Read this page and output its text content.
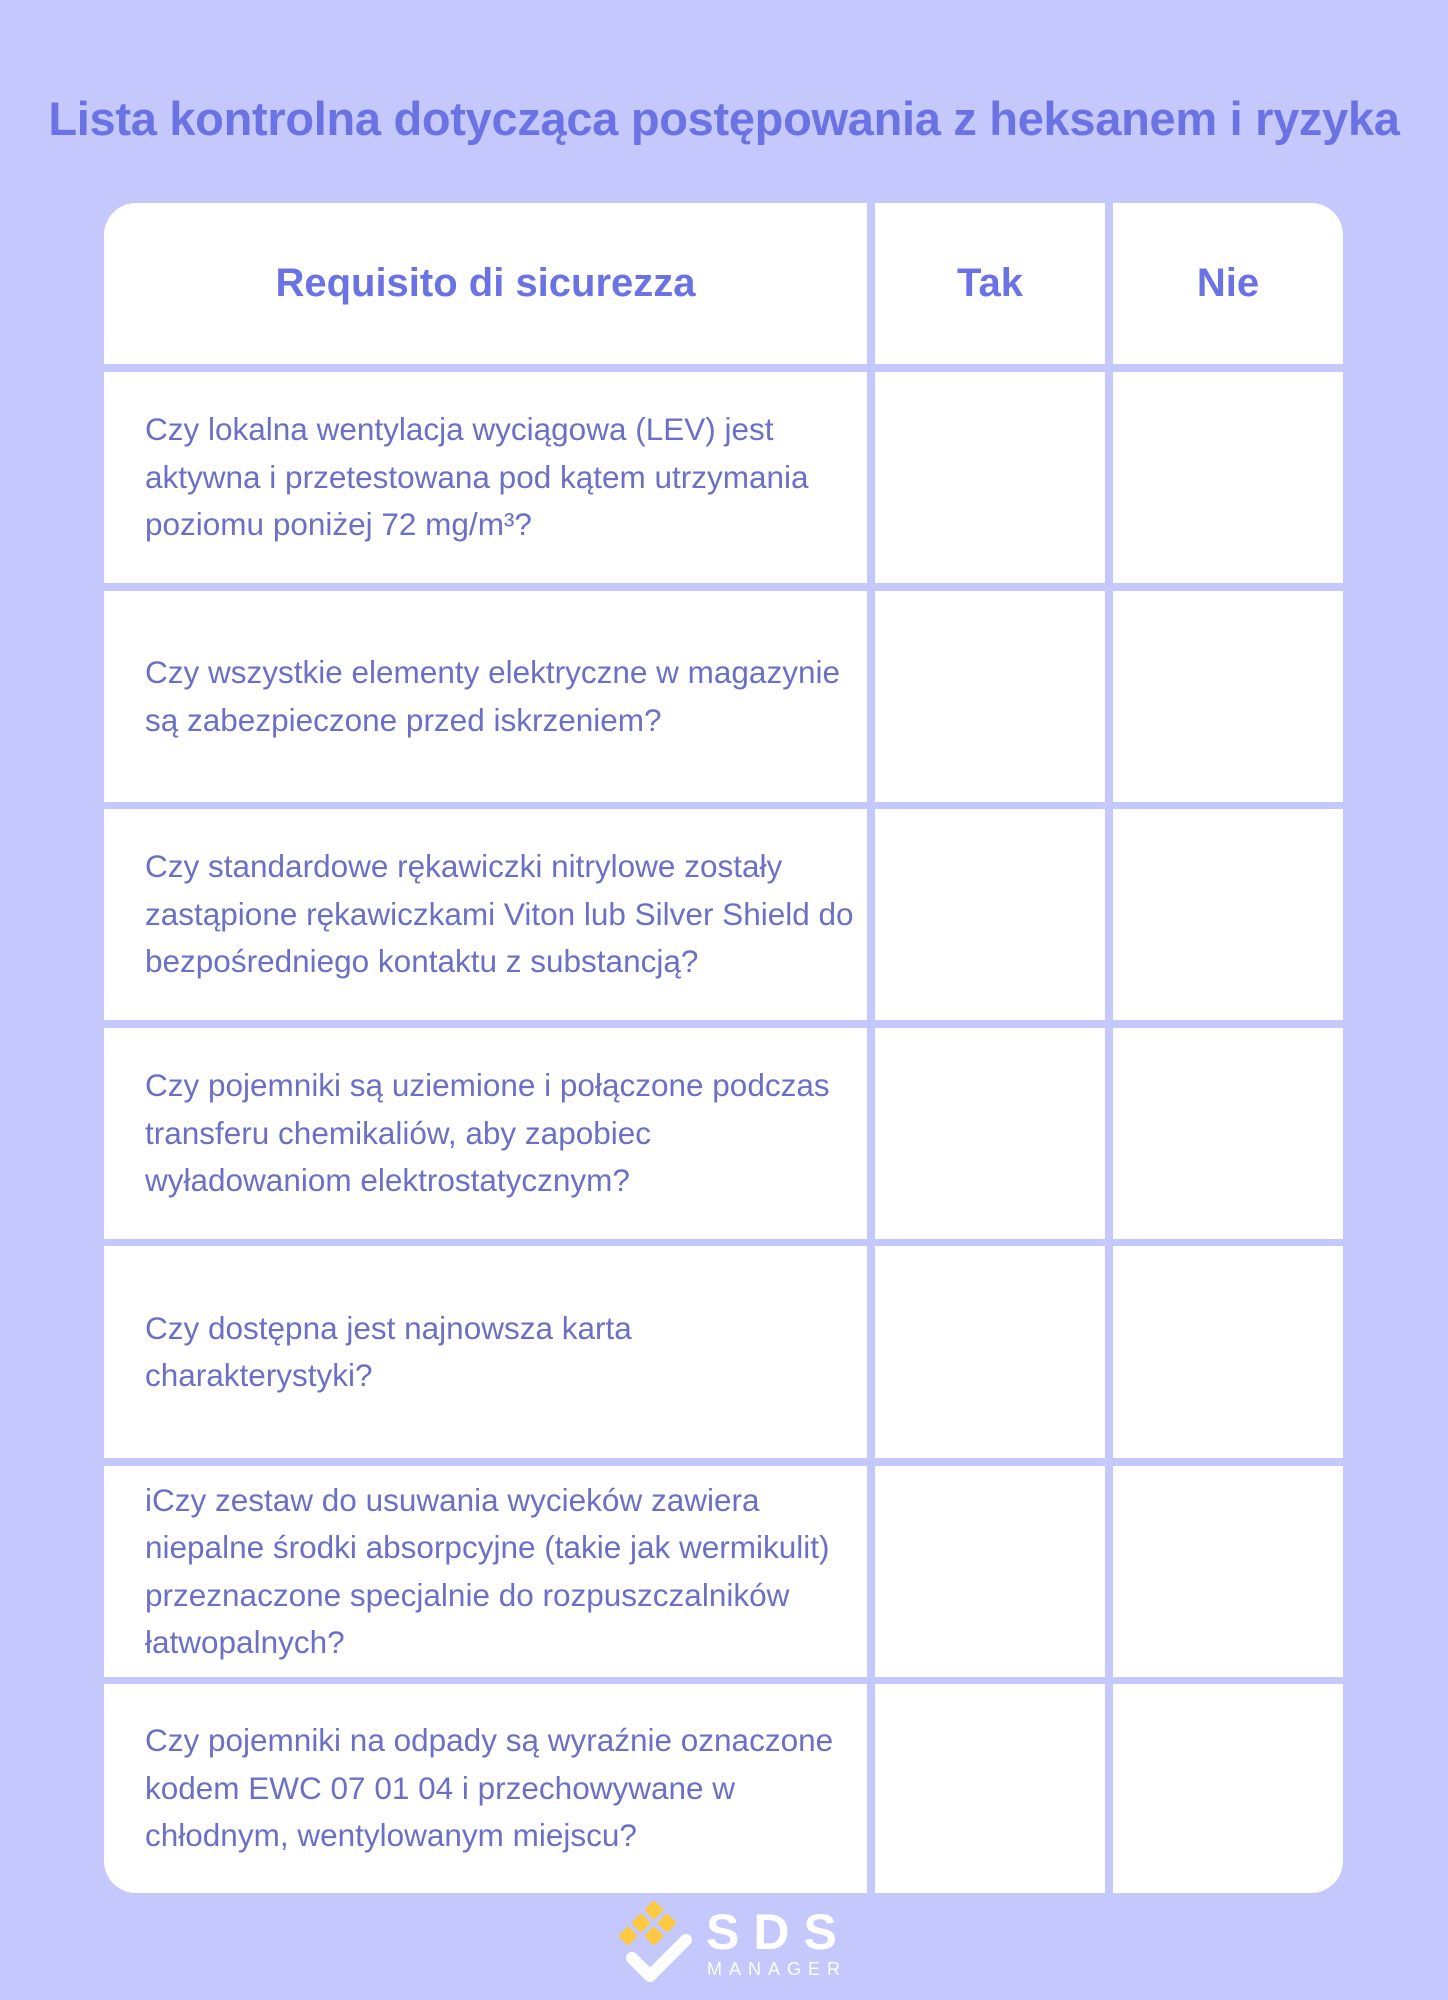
Lista kontrolna dotycząca postępowania z heksanem i ryzyka
Requisito di sicurezza	Tak	Nie
Czy lokalna wentylacja wyciągowa (LEV) jest aktywna i przetestowana pod kątem utrzymania poziomu poniżej 72 mg/m³?
Czy wszystkie elementy elektryczne w magazynie są zabezpieczone przed iskrzeniem?
Czy standardowe rękawiczki nitrylowe zostały zastąpione rękawiczkami Viton lub Silver Shield do bezpośredniego kontaktu z substancją?
Czy pojemniki są uziemione i połączone podczas transferu chemikaliów, aby zapobiec wyładowaniom elektrostatycznym?
Czy dostępna jest najnowsza karta charakterystyki?
iCzy zestaw do usuwania wycieków zawiera niepalne środki absorpcyjne (takie jak wermikulit) przeznaczone specjalnie do rozpuszczalników łatwopalnych?
Czy pojemniki na odpady są wyraźnie oznaczone kodem EWC 07 01 04 i przechowywane w chłodnym, wentylowanym miejscu?
SDS
MANAGER
